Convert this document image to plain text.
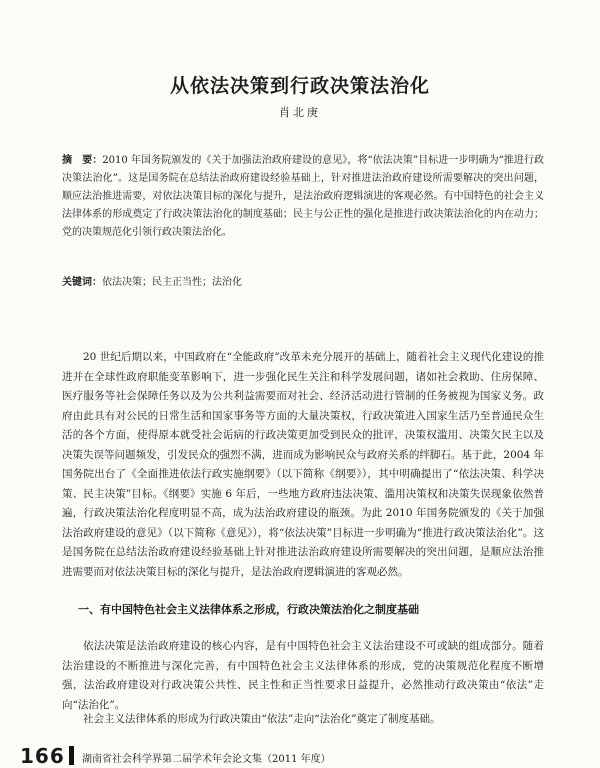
从依法决策到行政决策法治化
肖北庚

摘　要：2010 年国务院颁发的《关于加强法治政府建设的意见》，将“依法决策”目标进一步明确为“推进行政决策法治化”。这是国务院在总结法治政府建设经验基础上，针对推进法治政府建设所需要解决的突出问题，顺应法治推进需要，对依法决策目标的深化与提升，是法治政府逻辑演进的客观必然。有中国特色的社会主义法律体系的形成奠定了行政决策法治化的制度基础；民主与公正性的强化是推进行政决策法治化的内在动力；党的决策规范化引领行政决策法治化。

关键词：依法决策；民主正当性；法治化

20 世纪后期以来，中国政府在“全能政府”改革未充分展开的基础上，随着社会主义现代化建设的推进并在全球性政府职能变革影响下，进一步强化民生关注和科学发展问题，诸如社会救助、住房保障、医疗服务等社会保障任务以及为公共利益需要而对社会、经济活动进行管制的任务被视为国家义务。政府由此具有对公民的日常生活和国家事务等方面的大量决策权，行政决策进入国家生活乃至普通民众生活的各个方面，使得原本就受社会诟病的行政决策更加受到民众的批评，决策权滥用、决策欠民主以及决策失误等问题频发，引发民众的强烈不满，进而成为影响民众与政府关系的绊脚石。基于此，2004 年国务院出台了《全面推进依法行政实施纲要》（以下简称《纲要》），其中明确提出了“依法决策、科学决策、民主决策”目标。《纲要》实施 6 年后，一些地方政府违法决策、滥用决策权和决策失误现象依然普遍，行政决策法治化程度明显不高，成为法治政府建设的瓶颈。为此 2010 年国务院颁发的《关于加强法治政府建设的意见》（以下简称《意见》），将“依法决策”目标进一步明确为“推进行政决策法治化”。这是国务院在总结法治政府建设经验基础上针对推进法治政府建设所需要解决的突出问题，是顺应法治推进需要而对依法决策目标的深化与提升，是法治政府逻辑演进的客观必然。

一、有中国特色社会主义法律体系之形成，行政决策法治化之制度基础

依法决策是法治政府建设的核心内容，是有中国特色社会主义法治建设不可或缺的组成部分。随着法治建设的不断推进与深化完善，有中国特色社会主义法律体系的形成，党的决策规范化程度不断增强，法治政府建设对行政决策公共性、民主性和正当性要求日益提升，必然推动行政决策由“依法”走向“法治化”。

社会主义法律体系的形成为行政决策由“依法”走向“法治化”奠定了制度基础。

166 湖南省社会科学界第二届学术年会论文集（2011 年度）
